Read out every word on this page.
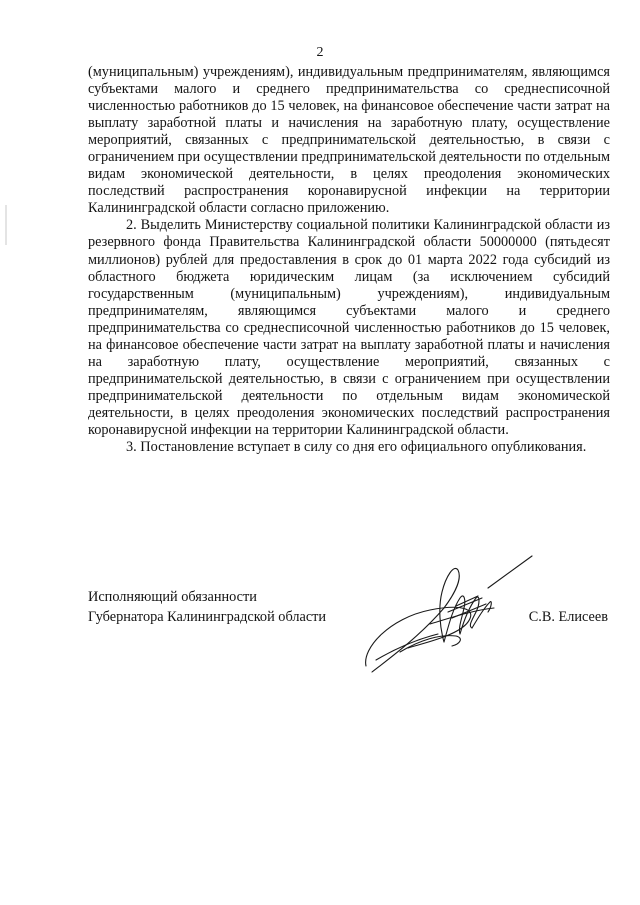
2

(муниципальным) учреждениям), индивидуальным предпринимателям, являющимся субъектами малого и среднего предпринимательства со среднесписочной численностью работников до 15 человек, на финансовое обеспечение части затрат на выплату заработной платы и начисления на заработную плату, осуществление мероприятий, связанных с предпринимательской деятельностью, в связи с ограничением при осуществлении предпринимательской деятельности по отдельным видам экономической деятельности, в целях преодоления экономических последствий распространения коронавирусной инфекции на территории Калининградской области согласно приложению.

2. Выделить Министерству социальной политики Калининградской области из резервного фонда Правительства Калининградской области 50000000 (пятьдесят миллионов) рублей для предоставления в срок до 01 марта 2022 года субсидий из областного бюджета юридическим лицам (за исключением субсидий государственным (муниципальным) учреждениям), индивидуальным предпринимателям, являющимся субъектами малого и среднего предпринимательства со среднесписочной численностью работников до 15 человек, на финансовое обеспечение части затрат на выплату заработной платы и начисления на заработную плату, осуществление мероприятий, связанных с предпринимательской деятельностью, в связи с ограничением при осуществлении предпринимательской деятельности по отдельным видам экономической деятельности, в целях преодоления экономических последствий распространения коронавирусной инфекции на территории Калининградской области.

3. Постановление вступает в силу со дня его официального опубликования.

Исполняющий обязанности
Губернатора Калининградской области	С.В. Елисеев
